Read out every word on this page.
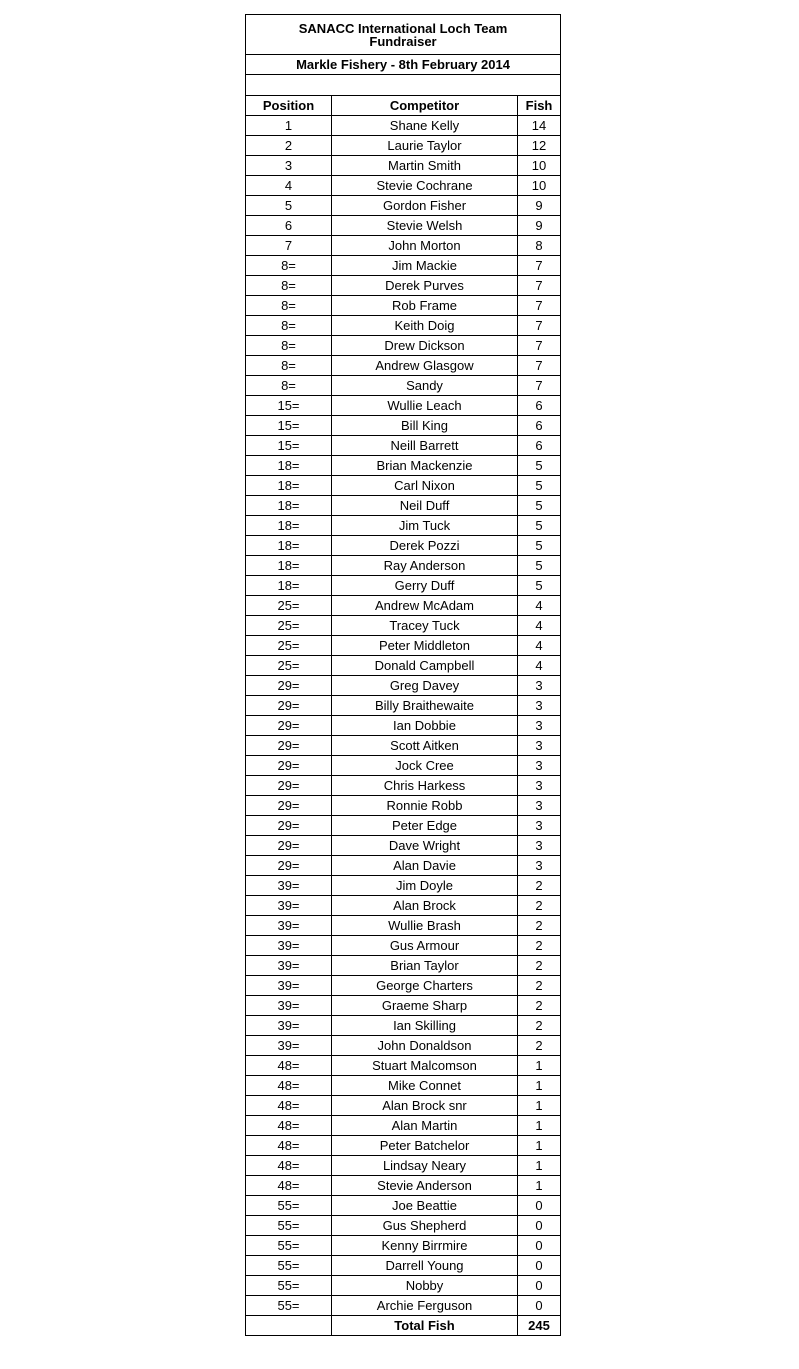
SANACC International Loch Team
Fundraiser		

Markle Fishery - 8th February 2014		

Position	Competitor	Fish
1	Shane Kelly	14
2	Laurie Taylor	12
3	Martin Smith	10
4	Stevie Cochrane	10
5	Gordon Fisher	9
6	Stevie Welsh	9
7	John Morton	8
8=	Jim Mackie	7
8=	Derek Purves	7
8=	Rob Frame	7
8=	Keith Doig	7
8=	Drew Dickson	7
8=	Andrew Glasgow	7
8=	Sandy	7
15=	Wullie Leach	6
15=	Bill King	6
15=	Neill Barrett	6
18=	Brian Mackenzie	5
18=	Carl Nixon	5
18=	Neil Duff	5
18=	Jim Tuck	5
18=	Derek Pozzi	5
18=	Ray Anderson	5
18=	Gerry Duff	5
25=	Andrew McAdam	4
25=	Tracey Tuck	4
25=	Peter Middleton	4
25=	Donald Campbell	4
29=	Greg Davey	3
29=	Billy Braithewaite	3
29=	Ian Dobbie	3
29=	Scott Aitken	3
29=	Jock Cree	3
29=	Chris Harkess	3
29=	Ronnie Robb	3
29=	Peter Edge	3
29=	Dave Wright	3
29=	Alan Davie	3
39=	Jim Doyle	2
39=	Alan Brock	2
39=	Wullie Brash	2
39=	Gus Armour	2
39=	Brian Taylor	2
39=	George Charters	2
39=	Graeme Sharp	2
39=	Ian Skilling	2
39=	John Donaldson	2
48=	Stuart Malcomson	1
48=	Mike Connet	1
48=	Alan Brock snr	1
48=	Alan Martin	1
48=	Peter Batchelor	1
48=	Lindsay Neary	1
48=	Stevie Anderson	1
55=	Joe Beattie	0
55=	Gus Shepherd	0
55=	Kenny Birrmire	0
55=	Darrell Young	0
55=	Nobby	0
55=	Archie Ferguson	0
	Total Fish	245
